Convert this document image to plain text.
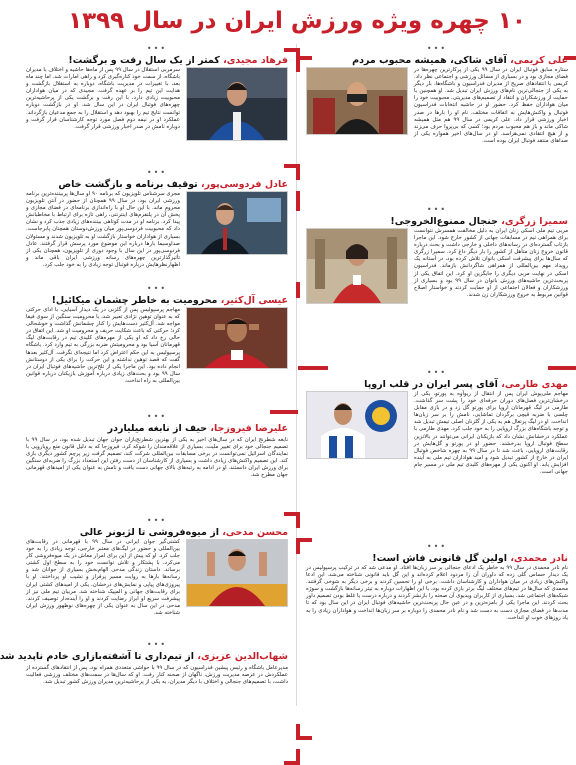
۱۰ چهره ویژه ورزش ایران در سال ۱۳۹۹
•••
علی کریمی، آقای شاکی، همیشه محبوب مردم
ستاره سابق فوتبال ایران در سال ۹۹ یکی از پرکارترین چهره‌ها در فضای مجازی بود و در بسیاری از مسائل ورزشی و اجتماعی نظر داد. کریمی با انتقادهای صریح از مدیران فدراسیون و باشگاه‌ها، بار دیگر به یکی از جنجالی‌ترین نام‌های ورزش ایران تبدیل شد. او همچنین با حمایت از ورزشکاران و انتقاد از تصمیم‌های مدیریتی، محبوبیت خود را میان هواداران حفظ کرد. حضور او در حاشیه انتخابات فدراسیون فوتبال و واکنش‌هایش به اتفاقات مختلف، نام او را بارها در صدر اخبار ورزشی قرار داد. علی کریمی در سال ۹۹ هم مثل همیشه شاکی ماند و باز هم محبوب مردم بود؛ کسی که بی‌پروا حرف می‌زند و از هیچ انتقادی نمی‌هراسد. او در سال‌های اخیر همواره یکی از صداهای منتقد فوتبال ایران بوده است.
•••
سمیرا زرگری، جنجال ممنوع‌الخروجی!
مربی تیم ملی اسکی زنان ایران به دلیل مخالفت همسرش نتوانست برای همراهی تیم در مسابقات جهانی از کشور خارج شود. این ماجرا بازتاب گسترده‌ای در رسانه‌های داخلی و خارجی داشت و بحث درباره قانون خروج زنان متأهل از کشور را بار دیگر داغ کرد. سمیرا زرگری که سال‌ها برای پیشرفت اسکی بانوان تلاش کرده بود، در آستانه یک رویداد مهم بین‌المللی از همراهی شاگردانش بازماند. فدراسیون اسکی در نهایت مربی دیگری را جایگزین او کرد. این اتفاق یکی از پربحث‌ترین حاشیه‌های ورزش بانوان در سال ۹۹ بود و بسیاری از ورزشکاران و فعالان اجتماعی از او حمایت کردند و خواستار اصلاح قوانین مربوط به خروج ورزشکاران زن شدند.
•••
مهدی طارمی، آقای پسر ایران در قلب اروپا
مهاجم ملی‌پوش ایران پس از انتقال از ریوآوه به پورتو، یکی از درخشان‌ترین فصل‌های دوران حرفه‌ای خود را پشت سر گذاشت. طارمی در لیگ قهرمانان اروپا برای پورتو گل زد و در بازی مقابل چلسی با ضربه قیچی برگردان تماشایی، نامش را بر سر زبان‌ها انداخت. او در لیگ پرتغال هم به یکی از گلزنان اصلی تیمش تبدیل شد و توجه باشگاه‌های بزرگ اروپایی را به خود جلب کرد. مهدی طارمی با عملکرد درخشانش نشان داد که بازیکنان ایرانی می‌توانند در بالاترین سطح فوتبال اروپا بدرخشند. حضور او در پورتو و گل‌هایش در رقابت‌های اروپایی، باعث شد تا در سال ۹۹ به چهره شاخص فوتبال ایران در خارج از کشور تبدیل شود و امید هواداران تیم ملی به آینده افزایش یابد. او اکنون یکی از مهره‌های کلیدی تیم ملی در مسیر جام جهانی است.
•••
نادر محمدی، اولین گل قانونی فاش است!
نام نادر محمدی در سال ۹۹ به خاطر یک ادعای جنجالی بر سر زبان‌ها افتاد. او مدعی شد که در ترکیب پرسپولیس در یک دیدار حساس گلی زده که داوران آن را مردود اعلام کرده‌اند و این گل باید قانونی شناخته می‌شد. این ادعا واکنش‌های زیادی در میان هواداران و کارشناسان داشت. برخی او را تحسین کردند و برخی دیگر به شوخی گرفتند. محمدی که سال‌ها در تیم‌های مختلف لیگ برتر بازی کرده بود، با این اظهارات دوباره به تیتر رسانه‌ها بازگشت و سوژه شبکه‌های اجتماعی شد. بسیاری از کاربران ویدیوی آن صحنه را بازنشر کردند و درباره درست یا غلط بودن تصمیم داور بحث کردند. این ماجرا یکی از بامزه‌ترین و در عین حال پربحث‌ترین حاشیه‌های فوتبال ایران در این سال بود که تا مدت‌ها در فضای مجازی دست به دست شد و نام نادر محمدی را دوباره بر سر زبان‌ها انداخت و هواداران زیادی را به یاد روزهای خوب او انداخت.
•••
فرهاد مجیدی، کمتر از یک سال رفت و برگشت!
سرمربی استقلال در سال ۹۹ پس از ماه‌ها حاشیه و اختلاف با مدیران باشگاه، از سمت خود کناره‌گیری کرد و راهی امارات شد. اما چند ماه بعد، با تغییرات در مدیریت باشگاه، دوباره به استقلال بازگشت و هدایت این تیم را بر عهده گرفت. مجیدی که در میان هواداران محبوبیت زیادی دارد، با این رفت و برگشت یکی از پرحاشیه‌ترین چهره‌های فوتبال ایران در این سال شد. او در بازگشت دوباره توانست نتایج تیم را بهبود دهد و استقلال را به جمع مدعیان بازگرداند. عملکرد او در نیمه دوم فصل مورد توجه کارشناسان قرار گرفت و دوباره نامش در صدر اخبار ورزشی قرار گرفت.
•••
عادل فردوسی‌پور، توقیف برنامه و بازگشت خاص
مجری سرشناس تلویزیون که برنامه ۹۰ او سال‌ها پربیننده‌ترین برنامه ورزشی ایران بود، در سال ۹۹ همچنان از حضور در آنتن تلویزیون محروم ماند. با این حال او با راه‌اندازی برنامه‌ای در فضای مجازی و پخش آن در پلتفرم‌های اینترنتی، راهی تازه برای ارتباط با مخاطبانش پیدا کرد. برنامه او در مدت کوتاهی بیننده‌های زیادی جذب کرد و نشان داد که محبوبیت فردوسی‌پور میان ورزش‌دوستان همچنان پابرجاست. بسیاری از هواداران خواستار بازگشت او به تلویزیون شدند و مسئولان صداوسیما بارها درباره این موضوع مورد پرسش قرار گرفتند. عادل فردوسی‌پور در این سال با وجود دوری از تلویزیون، همچنان یکی از تأثیرگذارترین چهره‌های رسانه ورزشی ایران باقی ماند و اظهارنظرهایش درباره فوتبال توجه زیادی را به خود جلب کرد.
•••
عیسی آل‌کثیر، محرومیت به خاطر چشمان میکائیل!
مهاجم پرسپولیس پس از گلزنی در یک دیدار آسیایی، با ادای حرکتی که به عنوان توهین نژادی تعبیر شد، با محرومیت سنگین از سوی فیفا مواجه شد. آل‌کثیر دست‌هایش را کنار چشمانش گذاشت و خوشحالی کرد؛ حرکتی که باعث شکایت حریف و محرومیت او شد. این اتفاق در حالی رخ داد که او یکی از مهره‌های کلیدی تیم در رقابت‌های لیگ قهرمانان آسیا بود و محرومیتش ضربه بزرگی به تیم وارد کرد. باشگاه پرسپولیس به این حکم اعتراض کرد اما نتیجه‌ای نگرفت. آل‌کثیر بعدها گفت که قصد توهین نداشته و این حرکت را برای یکی از دوستانش انجام داده بود. این ماجرا یکی از تلخ‌ترین حاشیه‌های فوتبال ایران در سال ۹۹ بود و بحث‌های زیادی درباره آموزش بازیکنان درباره قوانین بین‌المللی به راه انداخت.
•••
علیرضا فیروزجا، حیف از نابغه میلیاردر
نابغه شطرنج ایران که در سال‌های اخیر به یکی از بهترین شطرنج‌بازان جوان جهان تبدیل شده بود، در سال ۹۹ با تصمیم جنجالی خود برای تغییر ملیت، بسیاری از علاقه‌مندان را شوکه کرد. فیروزجا که به دلیل قانون منع رویارویی با نمایندگان اسرائیل نمی‌توانست در برخی مسابقات بین‌المللی شرکت کند، تصمیم گرفت زیر پرچم کشور دیگری بازی کند. این تصمیم واکنش‌های زیادی داشت و بسیاری از کارشناسان از دست رفتن این استعداد بزرگ را ضربه‌ای سنگین برای ورزش ایران دانستند. او در ادامه به رتبه‌های بالای جهانی دست یافت و نامش به عنوان یکی از امیدهای قهرمانی جهان مطرح شد.
•••
محسن مدحی، از میوه‌فروشی تا لژیونر عالی
کشتی‌گیر جوان ایرانی در سال ۹۹ با قهرمانی در رقابت‌های بین‌المللی و حضور در لیگ‌های معتبر خارجی، توجه زیادی را به خود جلب کرد. او که پیش از این برای امرار معاش در یک میوه‌فروشی کار می‌کرد، با پشتکار و تلاش توانست خود را به سطح اول کشتی برساند. داستان زندگی مدحی الهام‌بخش بسیاری از جوانان شد و رسانه‌ها بارها به روایت مسیر پرفراز و نشیب او پرداختند. او با پیروزی‌های پیاپی و نمایش‌های درخشان، یکی از امیدهای کشتی ایران برای رقابت‌های جهانی و المپیک شناخته شد. مربیان تیم ملی نیز از پیشرفت سریع او ابراز رضایت کردند و او را آینده‌دار توصیف کردند. مدحی در این سال به عنوان یکی از چهره‌های نوظهور ورزش ایران شناخته شد.
•••
شهاب‌الدین عزیزی، از تیم‌داری تا آشفته‌بازاری خادم ناپدید شد
مدیرعامل باشگاه و رئیس پیشین فدراسیون که در سال ۹۹ با حواشی متعددی همراه بود، پس از انتقادهای گسترده از عملکردش در عرصه مدیریت ورزش، ناگهان از صحنه کنار رفت. او که سال‌ها در سمت‌های مختلف ورزشی فعالیت داشت، با تصمیم‌های جنجالی و اختلاف با دیگر مدیران، به یکی از پرحاشیه‌ترین مدیران ورزش کشور تبدیل شد.
